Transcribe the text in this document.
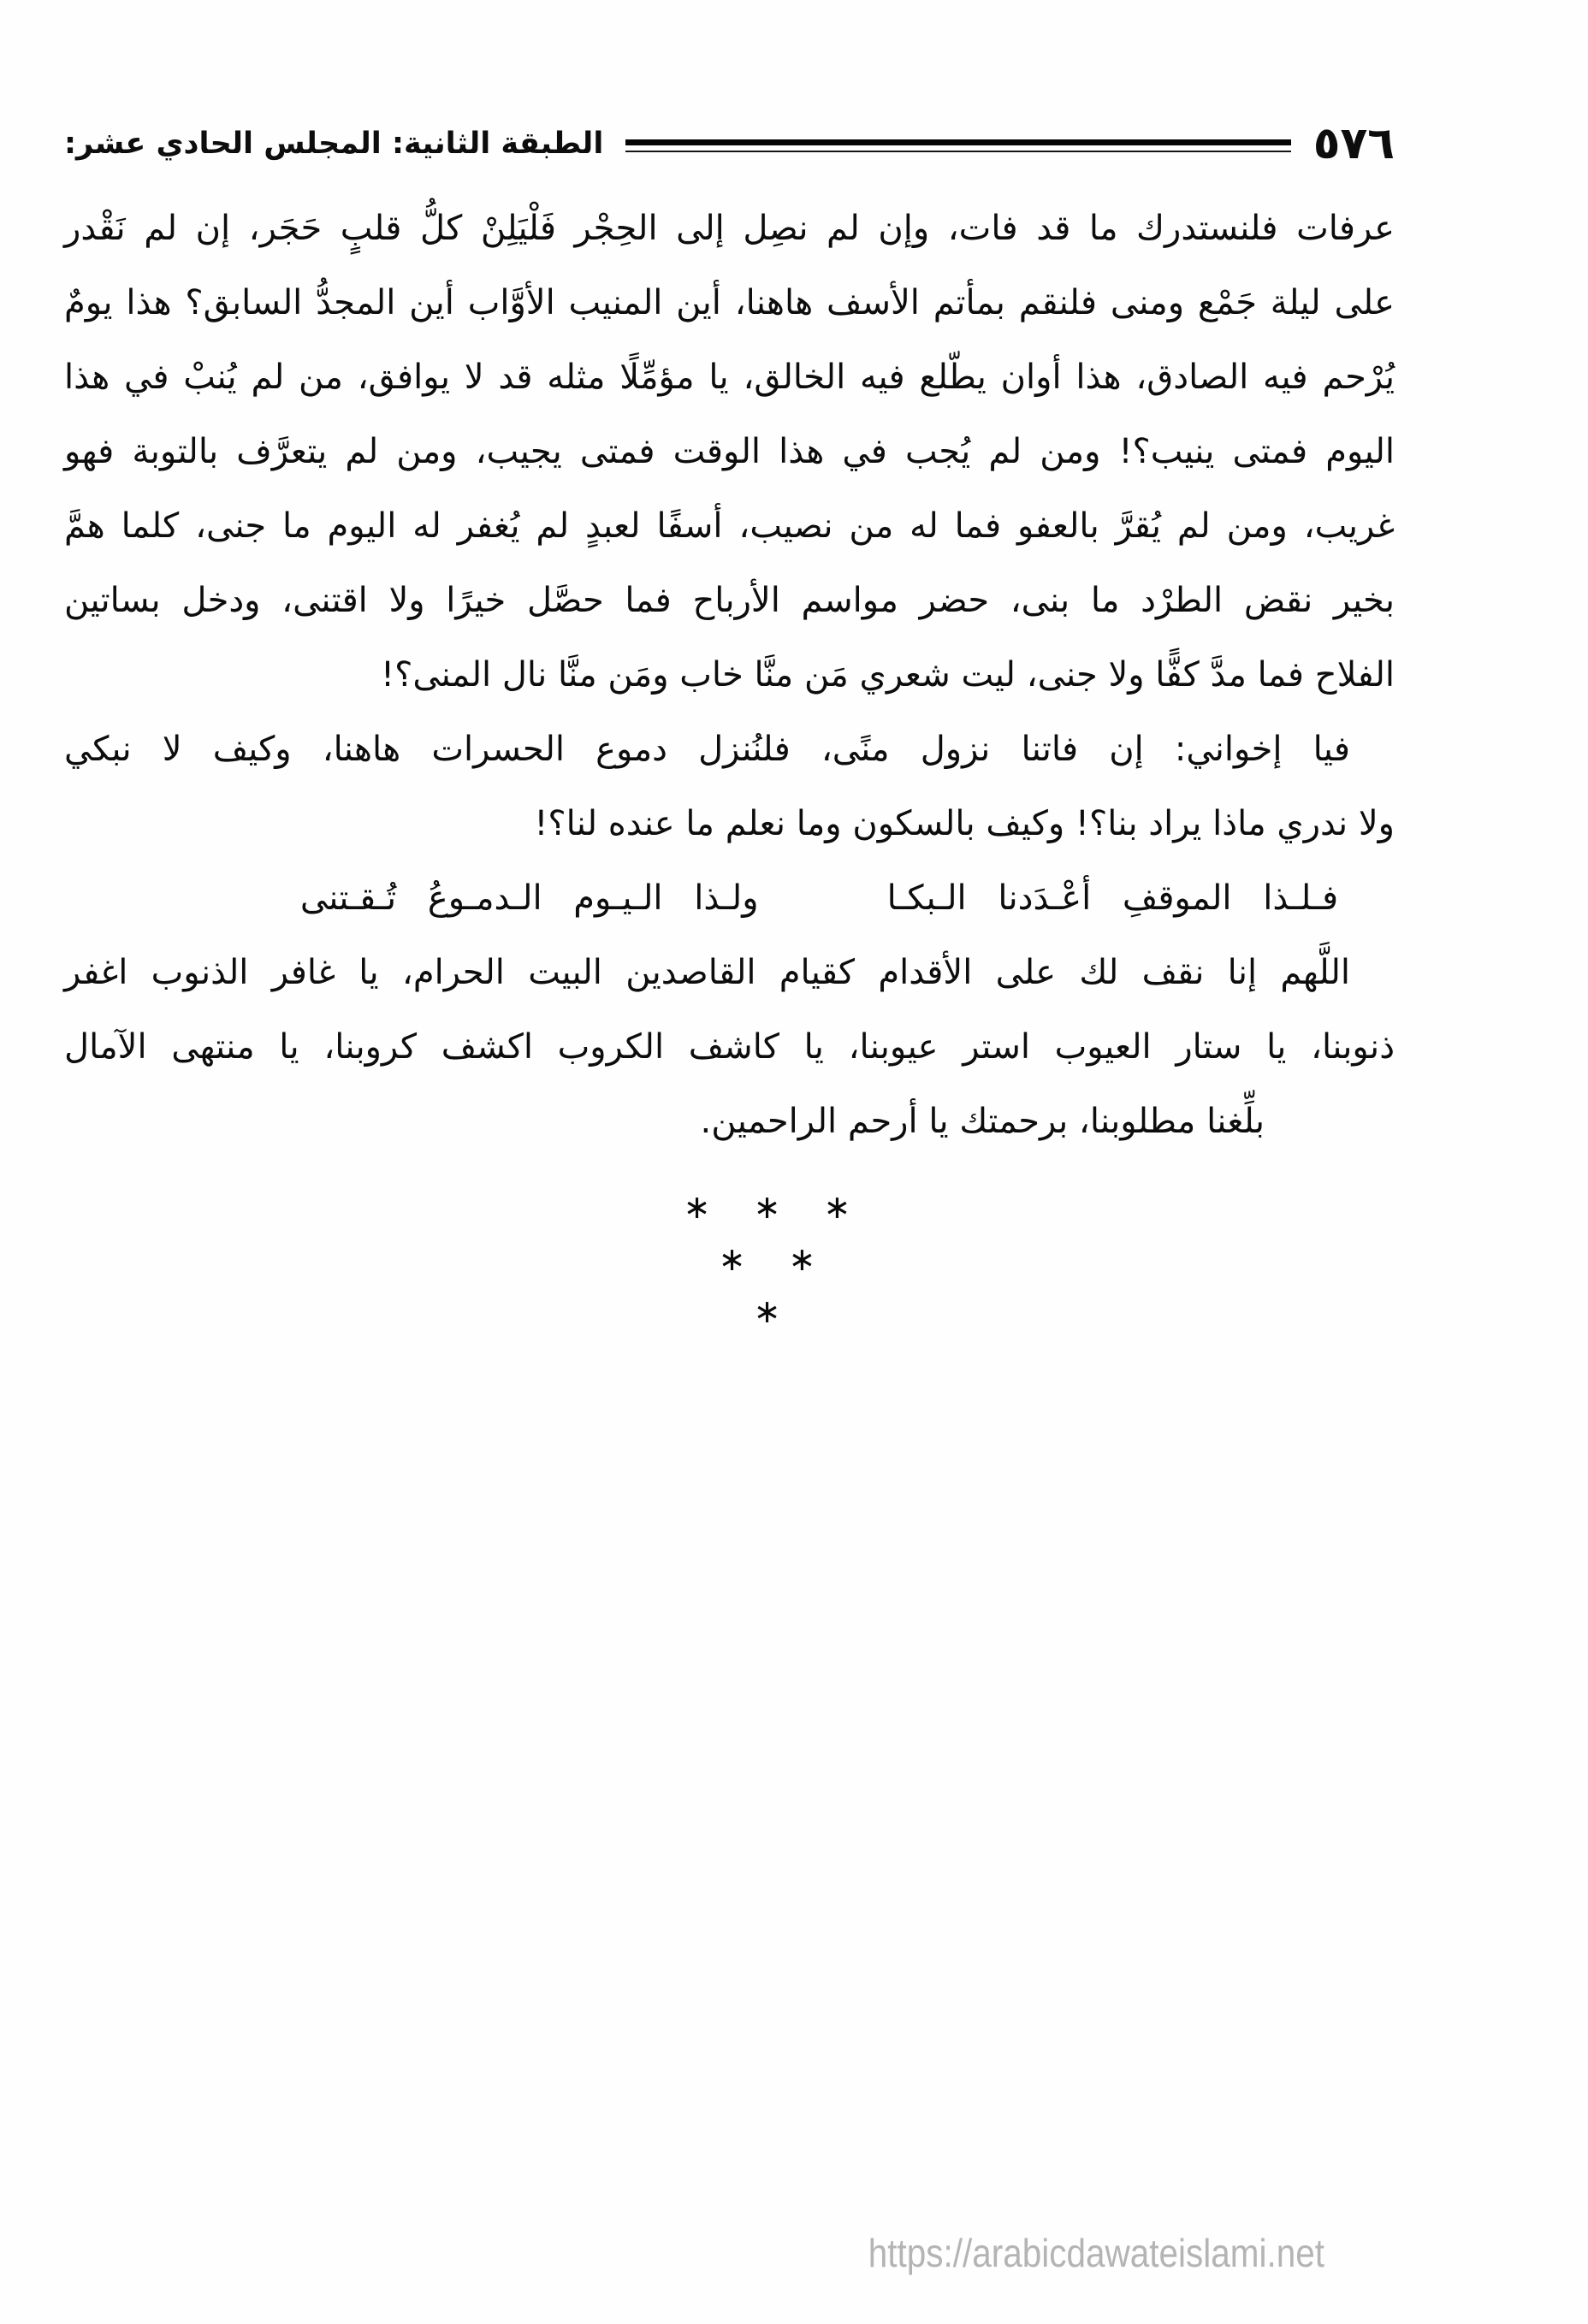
الطبقة الثانية: المجلس الحادي عشر:	٥٧٦
عرفات فلنستدرك ما قد فات، وإن لم نصِل إلى الحِجْر فَلْيَلِنْ كلُّ قلبٍ حَجَر، إن لم نَقْدر
على ليلة جَمْع ومنى فلنقم بمأتم الأسف هاهنا، أين المنيب الأوَّاب أين المجدُّ السابق؟ هذا يومٌ
يُرْحم فيه الصادق، هذا أوان يطّلع فيه الخالق، يا مؤمِّلًا مثله قد لا يوافق، من لم يُنبْ في هذا
اليوم فمتى ينيب؟! ومن لم يُجب في هذا الوقت فمتى يجيب، ومن لم يتعرَّف بالتوبة فهو
غريب، ومن لم يُقرَّ بالعفو فما له من نصيب، أسفًا لعبدٍ لم يُغفر له اليوم ما جنى، كلما همَّ
بخير نقض الطرْد ما بنى، حضر مواسم الأرباح فما حصَّل خيرًا ولا اقتنى، ودخل بساتين
الفلاح فما مدَّ كفًّا ولا جنى، ليت شعري مَن منَّا خاب ومَن منَّا نال المنى؟!
فيا إخواني: إن فاتنا نزول منًى، فلنُنزل دموع الحسرات هاهنا، وكيف لا نبكي
ولا ندري ماذا يراد بنا؟! وكيف بالسكون وما نعلم ما عنده لنا؟!
فـلـذا الموقفِ أعْـدَدنا الـبكـا
ولـذا الـيـوم الـدمـوعُ تُـقـتنى
اللَّهم إنا نقف لك على الأقدام كقيام القاصدين البيت الحرام، يا غافر الذنوب اغفر
ذنوبنا، يا ستار العيوب استر عيوبنا، يا كاشف الكروب اكشف كروبنا، يا منتهى الآمال
بلِّغنا مطلوبنا، برحمتك يا أرحم الراحمين.
∗ ∗ ∗
∗ ∗
∗
https://arabicdawateislami.net
